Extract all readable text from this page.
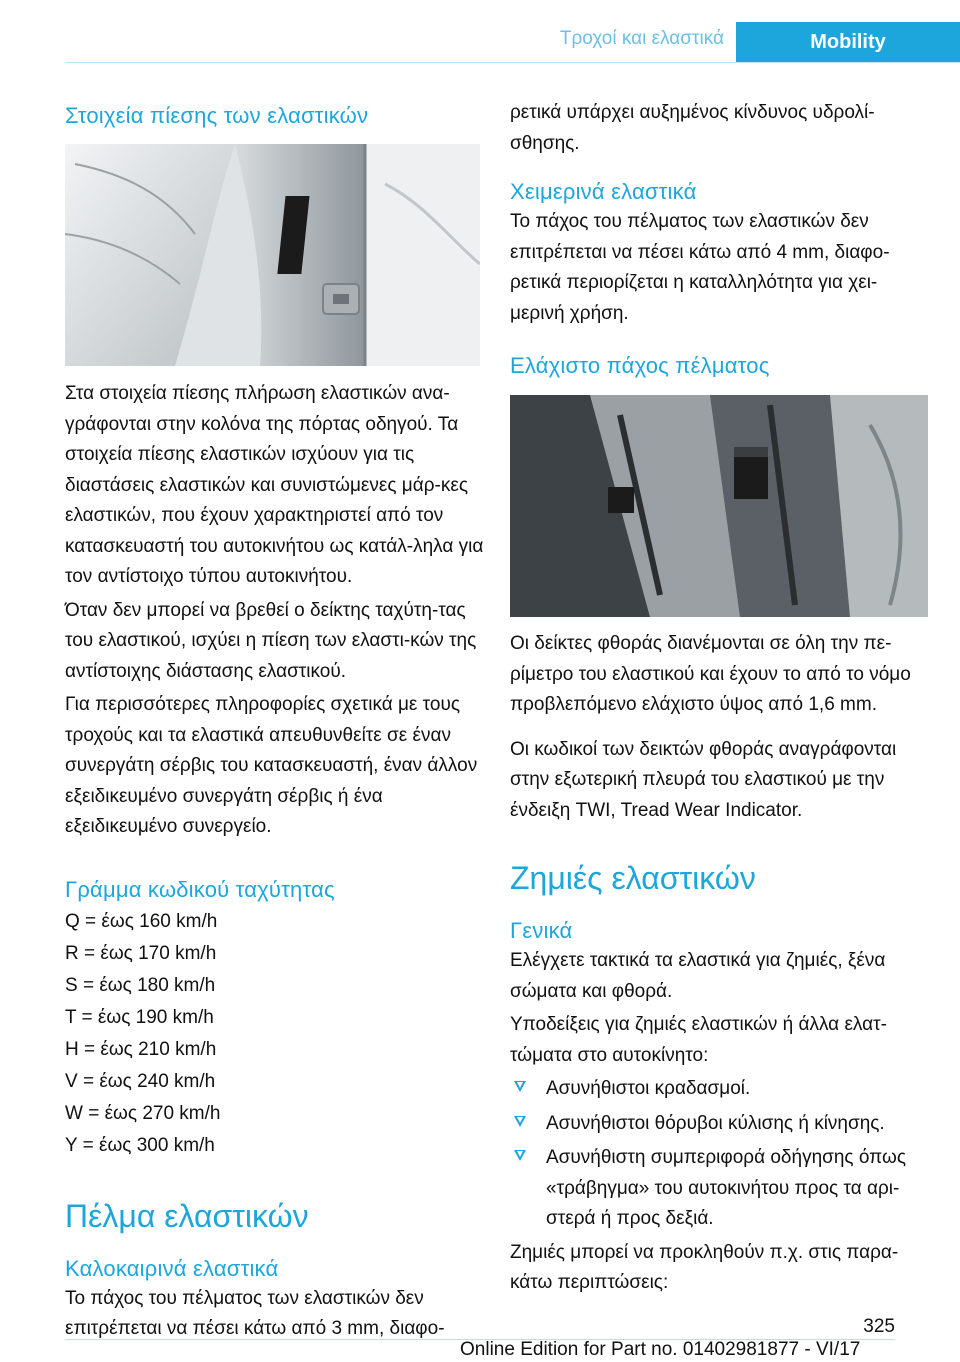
Τροχοί και ελαστικά	Mobility
Στοιχεία πίεσης των ελαστικών

Στα στοιχεία πίεσης πλήρωση ελαστικών ανα‐γράφονται στην κολόνα της πόρτας οδηγού. Τα στοιχεία πίεσης ελαστικών ισχύουν για τις διαστάσεις ελαστικών και συνιστώμενες μάρ‐κες ελαστικών, που έχουν χαρακτηριστεί από τον κατασκευαστή του αυτοκινήτου ως κατάλ‐ληλα για τον αντίστοιχο τύπου αυτοκινήτου.

Όταν δεν μπορεί να βρεθεί ο δείκτης ταχύτη‐τας του ελαστικού, ισχύει η πίεση των ελαστι‐κών της αντίστοιχης διάστασης ελαστικού.

Για περισσότερες πληροφορίες σχετικά με τους τροχούς και τα ελαστικά απευθυνθείτε σε έναν συνεργάτη σέρβις του κατασκευαστή, έναν άλλον εξειδικευμένο συνεργάτη σέρβις ή ένα εξειδικευμένο συνεργείο.

Γράμμα κωδικού ταχύτητας

Q = έως 160 km/h

R = έως 170 km/h

S = έως 180 km/h

T = έως 190 km/h

H = έως 210 km/h

V = έως 240 km/h

W = έως 270 km/h

Y = έως 300 km/h

Πέλμα ελαστικών
Καλοκαιρινά ελαστικά

Το πάχος του πέλματος των ελαστικών δεν επιτρέπεται να πέσει κάτω από 3 mm, διαφο‐

ρετικά υπάρχει αυξημένος κίνδυνος υδρολί‐σθησης.

Χειμερινά ελαστικά

Το πάχος του πέλματος των ελαστικών δεν επιτρέπεται να πέσει κάτω από 4 mm, διαφο‐ρετικά περιορίζεται η καταλληλότητα για χει‐μερινή χρήση.

Ελάχιστο πάχος πέλματος

Οι δείκτες φθοράς διανέμονται σε όλη την πε‐ρίμετρο του ελαστικού και έχουν το από το νόμο προβλεπόμενο ελάχιστο ύψος από 1,6 mm.

Οι κωδικοί των δεικτών φθοράς αναγράφονται στην εξωτερική πλευρά του ελαστικού με την ένδειξη TWI, Tread Wear Indicator.

Ζημιές ελαστικών
Γενικά

Ελέγχετε τακτικά τα ελαστικά για ζημιές, ξένα σώματα και φθορά.

Υποδείξεις για ζημιές ελαστικών ή άλλα ελατ‐τώματα στο αυτοκίνητο:

Ασυνήθιστοι κραδασμοί.
Ασυνήθιστοι θόρυβοι κύλισης ή κίνησης.
Ασυνήθιστη συμπεριφορά οδήγησης όπως «τράβηγμα» του αυτοκινήτου προς τα αρι‐στερά ή προς δεξιά.

Ζημιές μπορεί να προκληθούν π.χ. στις παρα‐κάτω περιπτώσεις:

325
Online Edition for Part no. 01402981877 - VI/17
